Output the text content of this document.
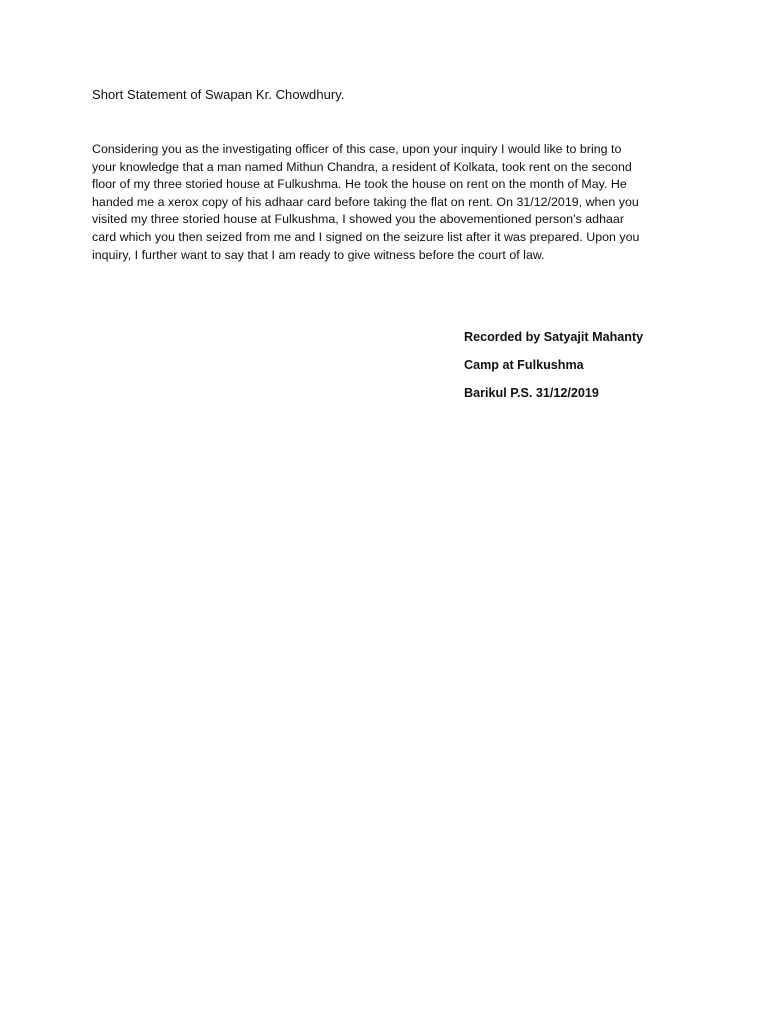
Short Statement of Swapan Kr. Chowdhury.
Considering you as the investigating officer of this case, upon your inquiry I would like to bring to
your knowledge that a man named Mithun Chandra, a resident of Kolkata, took rent on the second
floor of my three storied house at Fulkushma. He took the house on rent on the month of May. He
handed me a xerox copy of his adhaar card before taking the flat on rent. On 31/12/2019, when you
visited my three storied house at Fulkushma, I showed you the abovementioned person’s adhaar
card which you then seized from me and I signed on the seizure list after it was prepared. Upon you
inquiry, I further want to say that I am ready to give witness before the court of law.
Recorded by Satyajit Mahanty
Camp at Fulkushma
Barikul P.S. 31/12/2019
